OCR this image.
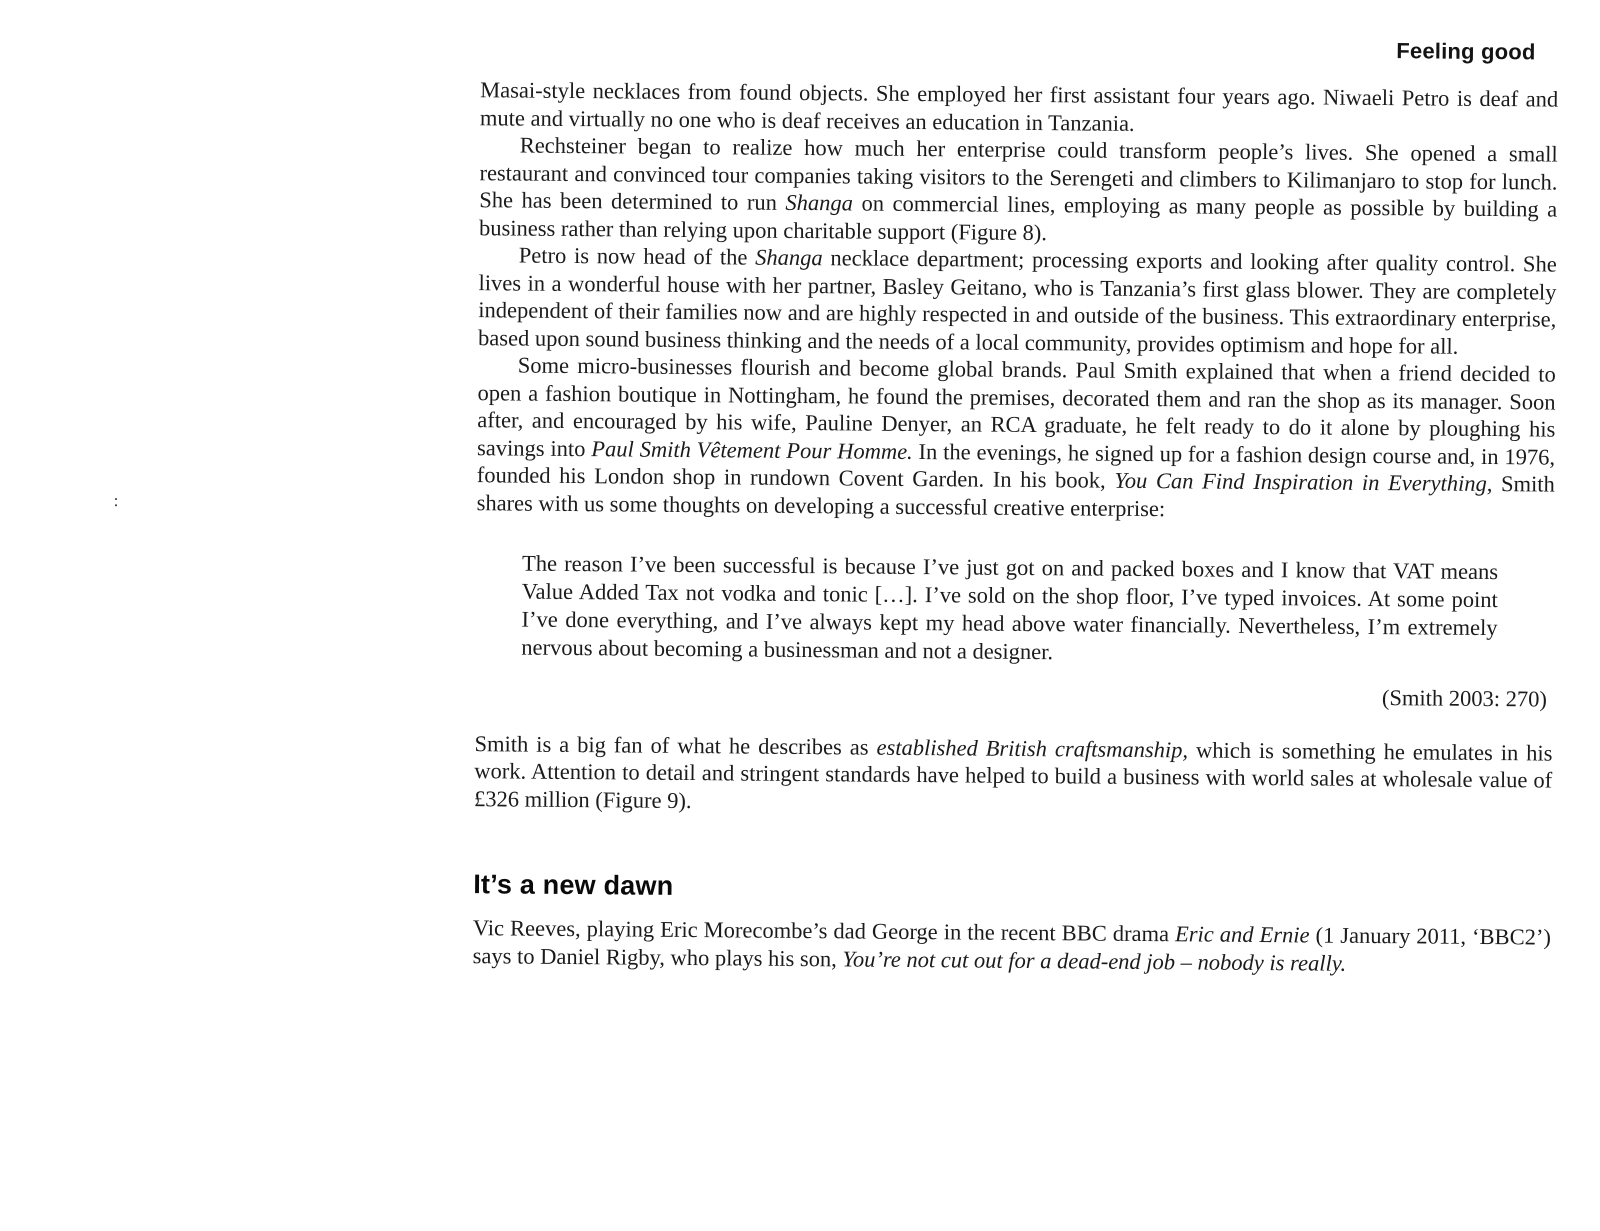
Feeling good

Masai-style necklaces from found objects. She employed her first assistant four years ago. Niwaeli Petro is deaf and mute and virtually no one who is deaf receives an education in Tanzania.

Rechsteiner began to realize how much her enterprise could transform people’s lives. She opened a small restaurant and convinced tour companies taking visitors to the Serengeti and climbers to Kilimanjaro to stop for lunch. She has been determined to run Shanga on commercial lines, employing as many people as possible by building a business rather than relying upon charitable support (Figure 8).

Petro is now head of the Shanga necklace department; processing exports and looking after quality control. She lives in a wonderful house with her partner, Basley Geitano, who is Tanzania’s first glass blower. They are completely independent of their families now and are highly respected in and outside of the business. This extraordinary enterprise, based upon sound business thinking and the needs of a local community, provides optimism and hope for all.

Some micro-businesses flourish and become global brands. Paul Smith explained that when a friend decided to open a fashion boutique in Nottingham, he found the premises, decorated them and ran the shop as its manager. Soon after, and encouraged by his wife, Pauline Denyer, an RCA graduate, he felt ready to do it alone by ploughing his savings into Paul Smith Vêtement Pour Homme. In the evenings, he signed up for a fashion design course and, in 1976, founded his London shop in rundown Covent Garden. In his book, You Can Find Inspiration in Everything, Smith shares with us some thoughts on developing a successful creative enterprise:

The reason I’ve been successful is because I’ve just got on and packed boxes and I know that VAT means Value Added Tax not vodka and tonic […]. I’ve sold on the shop floor, I’ve typed invoices. At some point I’ve done everything, and I’ve always kept my head above water financially. Nevertheless, I’m extremely nervous about becoming a businessman and not a designer.
(Smith 2003: 270)

Smith is a big fan of what he describes as established British craftsmanship, which is something he emulates in his work. Attention to detail and stringent standards have helped to build a business with world sales at wholesale value of £326 million (Figure 9).

It’s a new dawn

Vic Reeves, playing Eric Morecombe’s dad George in the recent BBC drama Eric and Ernie (1 January 2011, ‘BBC2’) says to Daniel Rigby, who plays his son, You’re not cut out for a dead-end job – nobody is really.

:
